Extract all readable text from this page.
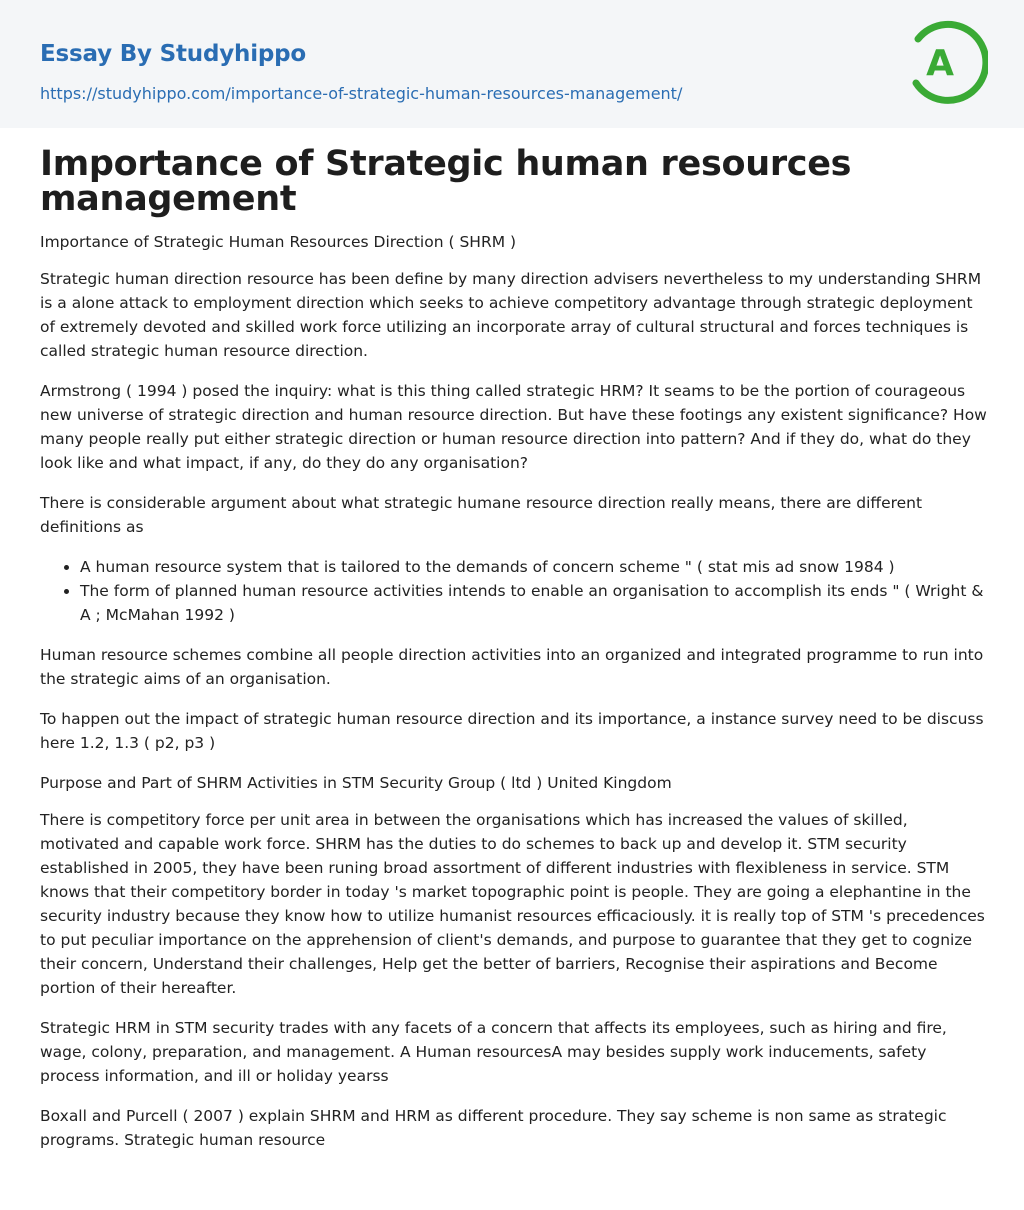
Essay By Studyhippo
https://studyhippo.com/importance-of-strategic-human-resources-management/
A
Importance of Strategic human resources management
Importance of Strategic Human Resources Direction ( SHRM )

Strategic human direction resource has been define by many direction advisers nevertheless to my understanding SHRM is a alone attack to employment direction which seeks to achieve competitory advantage through strategic deployment of extremely devoted and skilled work force utilizing an incorporate array of cultural structural and forces techniques is called strategic human resource direction.

Armstrong ( 1994 ) posed the inquiry: what is this thing called strategic HRM? It seams to be the portion of courageous new universe of strategic direction and human resource direction. But have these footings any existent significance? How many people really put either strategic direction or human resource direction into pattern? And if they do, what do they look like and what impact, if any, do they do any organisation?

There is considerable argument about what strategic humane resource direction really means, there are different definitions as

• A human resource system that is tailored to the demands of concern scheme " ( stat mis ad snow 1984 )
• The form of planned human resource activities intends to enable an organisation to accomplish its ends " ( Wright & A ; McMahan 1992 )

Human resource schemes combine all people direction activities into an organized and integrated programme to run into the strategic aims of an organisation.

To happen out the impact of strategic human resource direction and its importance, a instance survey need to be discuss here 1.2, 1.3 ( p2, p3 )

Purpose and Part of SHRM Activities in STM Security Group ( ltd ) United Kingdom

There is competitory force per unit area in between the organisations which has increased the values of skilled, motivated and capable work force. SHRM has the duties to do schemes to back up and develop it. STM security established in 2005, they have been runing broad assortment of different industries with flexibleness in service. STM knows that their competitory border in today 's market topographic point is people. They are going a elephantine in the security industry because they know how to utilize humanist resources efficaciously. it is really top of STM 's precedences to put peculiar importance on the apprehension of client's demands, and purpose to guarantee that they get to cognize their concern, Understand their challenges, Help get the better of barriers, Recognise their aspirations and Become portion of their hereafter.

Strategic HRM in STM security trades with any facets of a concern that affects its employees, such as hiring and fire, wage, colony, preparation, and management. A Human resourcesA may besides supply work inducements, safety process information, and ill or holiday yearss

Boxall and Purcell ( 2007 ) explain SHRM and HRM as different procedure. They say scheme is non same as strategic programs. Strategic human resource
